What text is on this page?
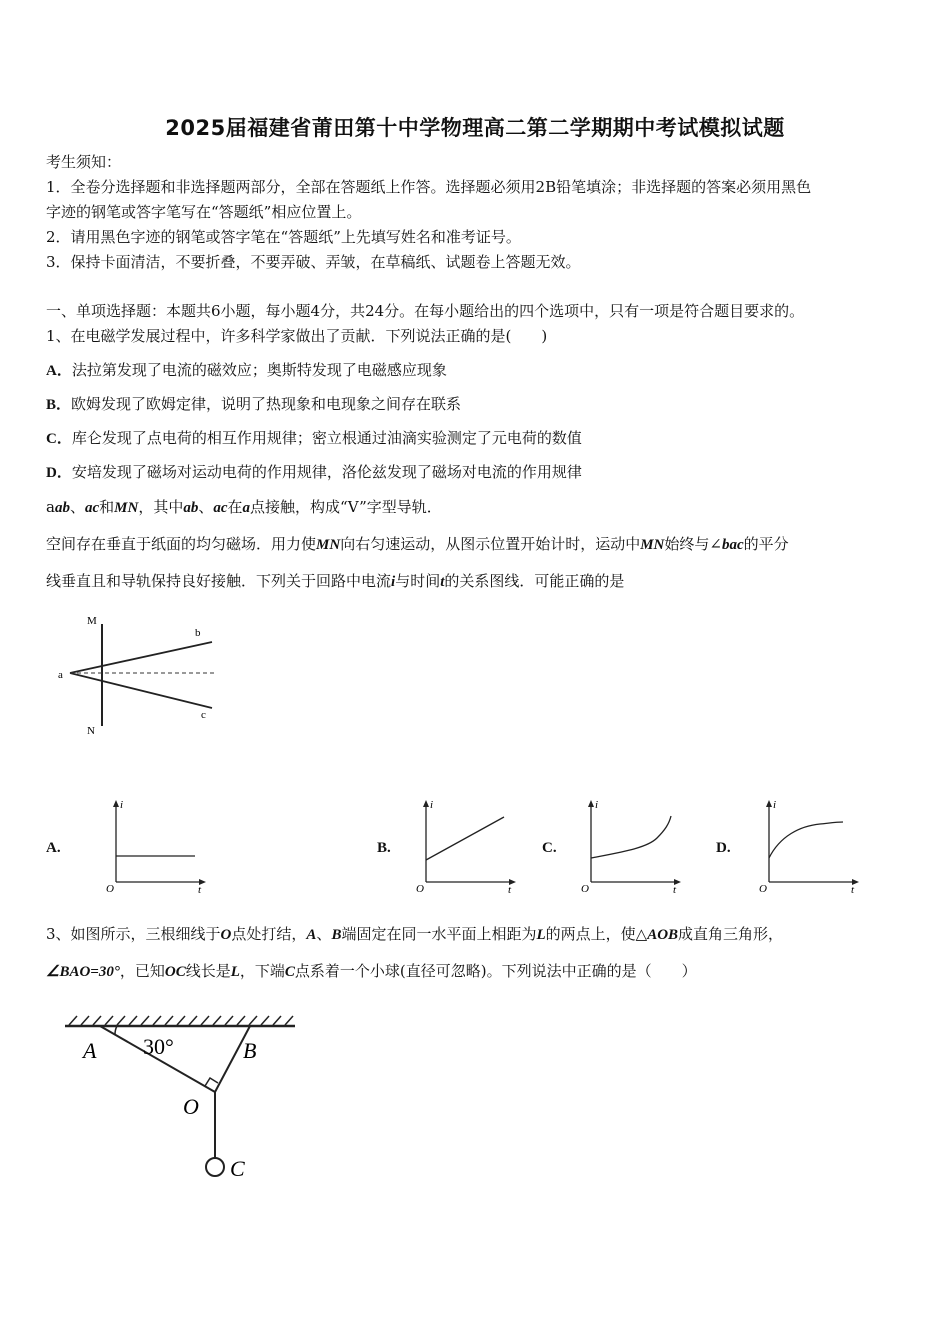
2025届福建省莆田第十中学物理高二第二学期期中考试模拟试题
考生须知：
1．全卷分选择题和非选择题两部分，全部在答题纸上作答。选择题必须用2B铅笔填涂；非选择题的答案必须用黑色
字迹的钢笔或答字笔写在“答题纸”相应位置上。
2．请用黑色字迹的钢笔或答字笔在“答题纸”上先填写姓名和准考证号。
3．保持卡面清洁，不要折叠，不要弄破、弄皱，在草稿纸、试题卷上答题无效。
一、单项选择题：本题共6小题，每小题4分，共24分。在每小题给出的四个选项中，只有一项是符合题目要求的。
1、在电磁学发展过程中，许多科学家做出了贡献．下列说法正确的是(　　)
A．法拉第发现了电流的磁效应；奥斯特发现了电磁感应现象
B．欧姆发现了欧姆定律，说明了热现象和电现象之间存在联系
C．库仑发现了点电荷的相互作用规律；密立根通过油滴实验测定了元电荷的数值
D．安培发现了磁场对运动电荷的作用规律，洛伦兹发现了磁场对电流的作用规律
aab、ac和MN，其中ab、ac在a点接触，构成“V”字型导轨．
空间存在垂直于纸面的均匀磁场．用力使MN向右匀速运动，从图示位置开始计时，运动中MN始终与∠bac的平分
线垂直且和导轨保持良好接触．下列关于回路中电流i与时间t的关系图线．可能正确的是
M
N
a
b
c
A.	B.	C.	D.
i
t
O
i
t
O
i
t
O
i
t
O
3、如图所示，三根细线于O点处打结，A、B端固定在同一水平面上相距为L的两点上，使△AOB成直角三角形，
∠BAO=30°，已知OC线长是L，下端C点系着一个小球(直径可忽略)。下列说法中正确的是（　　）
A 30°	B
O
C
